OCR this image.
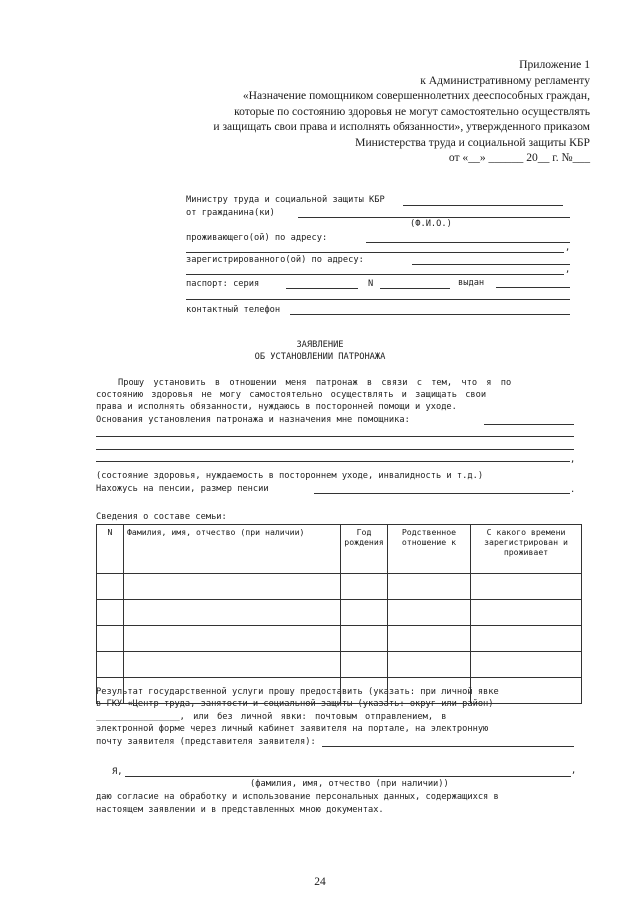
Приложение 1
к Административному регламенту
«Назначение помощником совершеннолетних дееспособных граждан,
которые по состоянию здоровья не могут самостоятельно осуществлять
и защищать свои права и исполнять обязанности», утвержденного приказом
Министерства труда и социальной защиты КБР
от «__» ______ 20__ г. №___
Министру труда и социальной защиты КБР
от гражданина(ки)
(Ф.И.О.)
проживающего(ой) по адресу:
,
зарегистрированного(ой) по адресу:
,
паспорт: серия	N	выдан
контактный телефон
ЗАЯВЛЕНИЕ
ОБ УСТАНОВЛЕНИИ ПАТРОНАЖА
Прошу установить в отношении меня патронаж в связи с тем, что я по
состоянию здоровья не могу самостоятельно осуществлять и защищать свои
права и исполнять обязанности, нуждаюсь в посторонней помощи и уходе.
Основания установления патронажа и назначения мне помощника:
,
(состояние здоровья, нуждаемость в постороннем уходе, инвалидность и т.д.)
Нахожусь на пенсии, размер пенсии	.
Сведения о составе семьи:
Результат государственной услуги прошу предоставить (указать: при личной явке
в ГКУ «Центр труда, занятости и социальной защиты (указать: округ или район)
________________, или без личной явки: почтовым отправлением, в
электронной форме через личный кабинет заявителя на портале, на электронную
почту заявителя (представителя заявителя):
Я,	,
(фамилия, имя, отчество (при наличии))
даю согласие на обработку и использование персональных данных, содержащихся в
настоящем заявлении и в представленных мною документах.
N	Фамилия, имя, отчество (при наличии)	Год рождения	Родственное отношение к	С какого времени зарегистрирован и проживает

24
